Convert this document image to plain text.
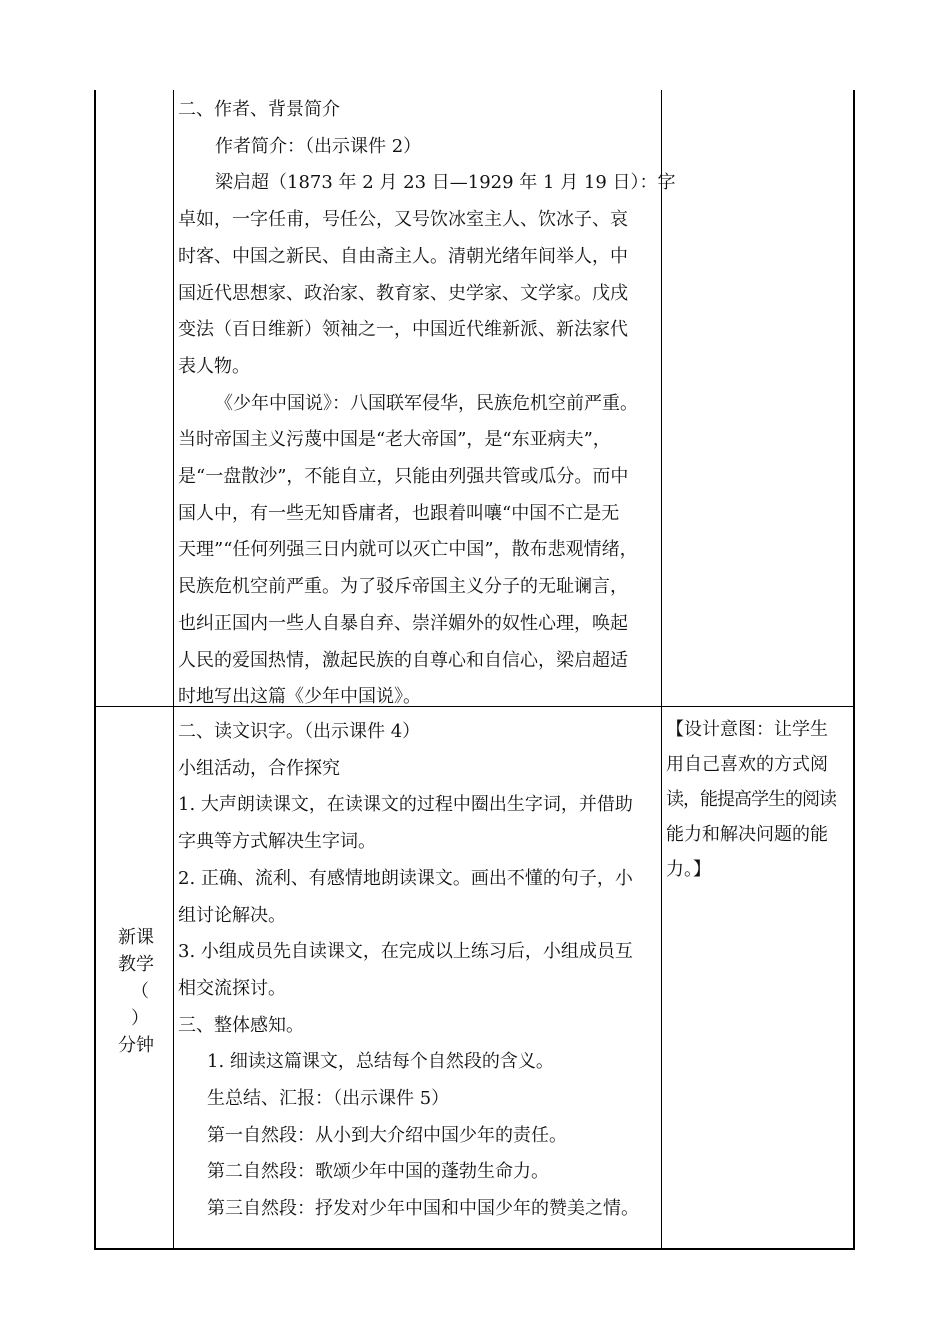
二、作者、背景简介

作者简介：（出示课件 2）

梁启超（1873 年 2 月 23 日—1929 年 1 月 19 日）：字

卓如，一字任甫，号任公，又号饮冰室主人、饮冰子、哀

时客、中国之新民、自由斋主人。清朝光绪年间举人，中

国近代思想家、政治家、教育家、史学家、文学家。戊戌

变法（百日维新）领袖之一，中国近代维新派、新法家代

表人物。

《少年中国说》：八国联军侵华，民族危机空前严重。

当时帝国主义污蔑中国是“老大帝国”，是“东亚病夫”，

是“一盘散沙”，不能自立，只能由列强共管或瓜分。而中

国人中，有一些无知昏庸者，也跟着叫嚷“中国不亡是无

天理”“任何列强三日内就可以灭亡中国”，散布悲观情绪，

民族危机空前严重。为了驳斥帝国主义分子的无耻谰言，

也纠正国内一些人自暴自弃、崇洋媚外的奴性心理，唤起

人民的爱国热情，激起民族的自尊心和自信心，梁启超适

时地写出这篇《少年中国说》。

新课
教学
（
）
分钟

二、读文识字。（出示课件 4）

小组活动，合作探究

1. 大声朗读课文，在读课文的过程中圈出生字词，并借助

字典等方式解决生字词。

2. 正确、流利、有感情地朗读课文。画出不懂的句子，小

组讨论解决。

3. 小组成员先自读课文，在完成以上练习后，小组成员互

相交流探讨。

三、整体感知。

1. 细读这篇课文，总结每个自然段的含义。

生总结、汇报：（出示课件 5）

第一自然段：从小到大介绍中国少年的责任。

第二自然段：歌颂少年中国的蓬勃生命力。

第三自然段：抒发对少年中国和中国少年的赞美之情。

【设计意图：让学生

用自己喜欢的方式阅

读，能提高学生的阅读

能力和解决问题的能

力。】
